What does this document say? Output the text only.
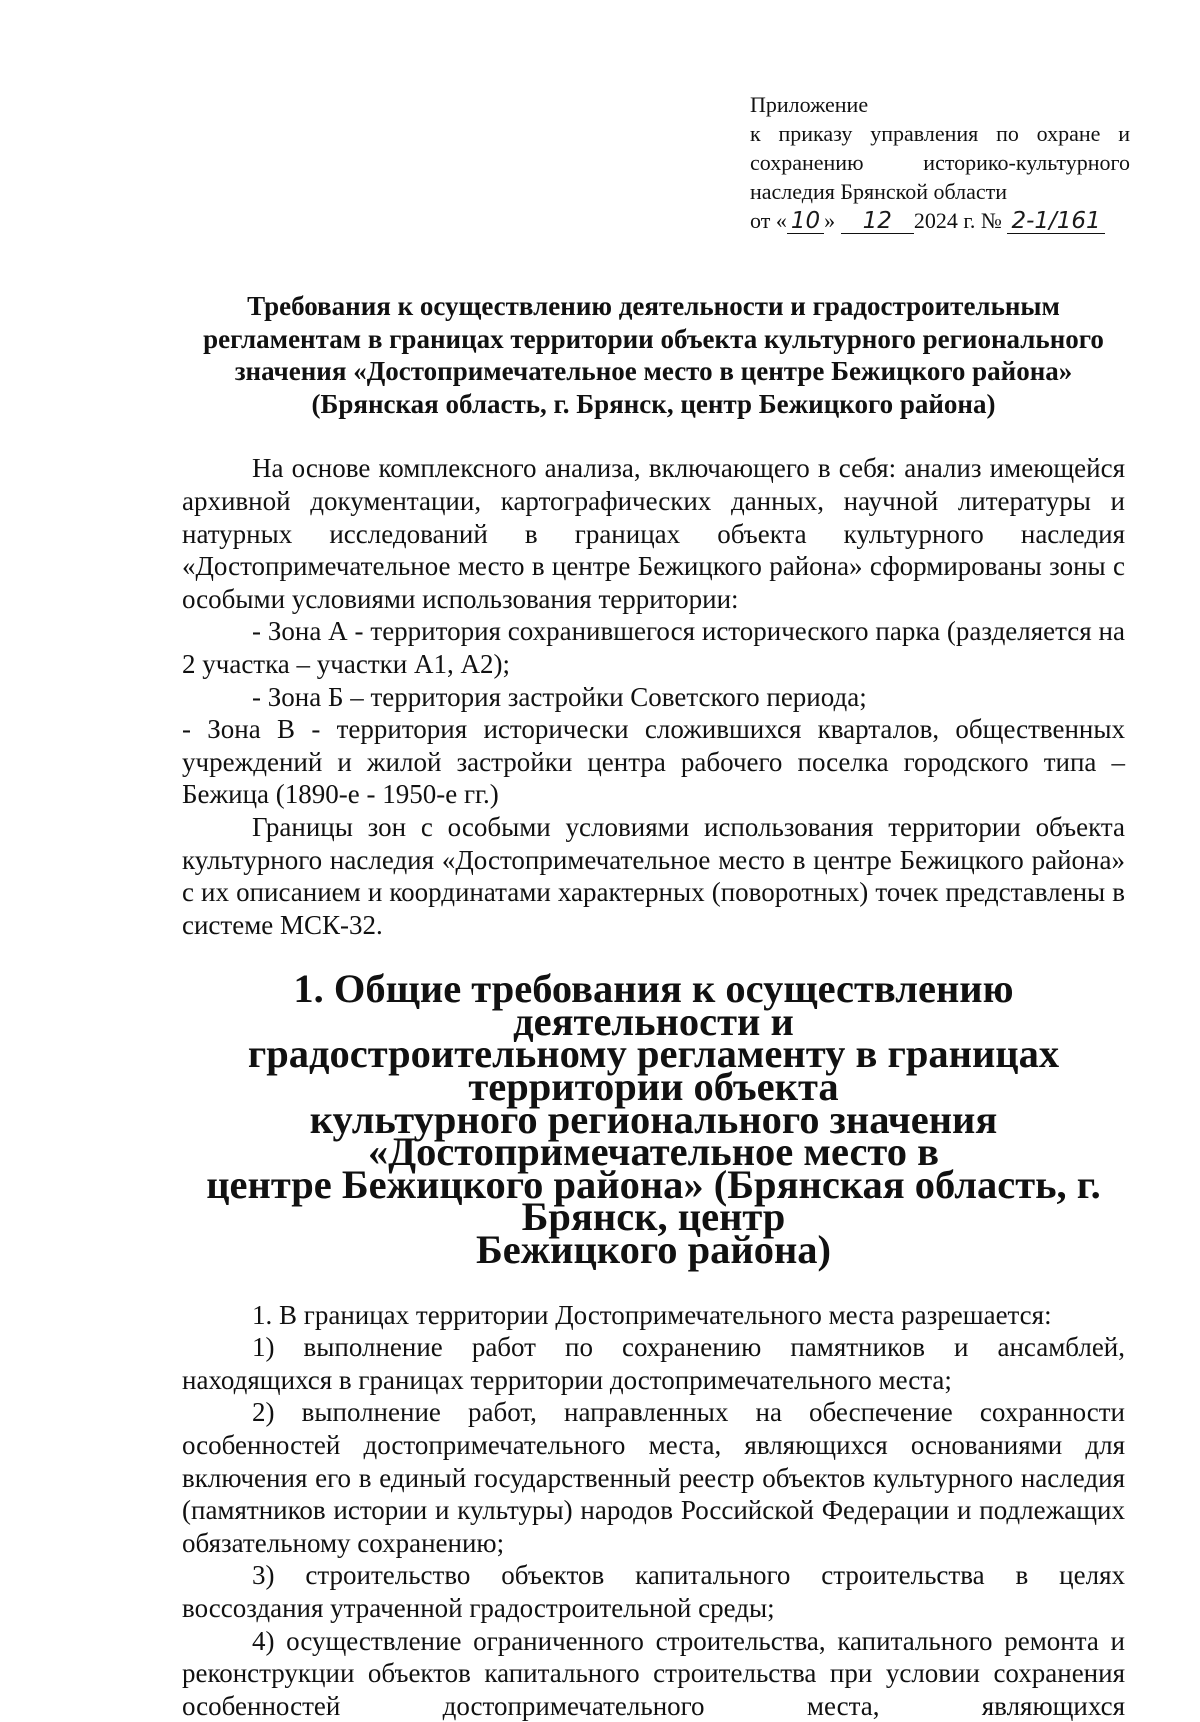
Приложение
к приказу управления по охране и
сохранению историко-культурного
наследия Брянской области
от « 10 » 12 2024 г. № 2-1/161
Требования к осуществлению деятельности и градостроительным
регламентам в границах территории объекта культурного регионального
значения «Достопримечательное место в центре Бежицкого района»
(Брянская область, г. Брянск, центр Бежицкого района)

На основе комплексного анализа, включающего в себя: анализ имеющейся архивной документации, картографических данных, научной литературы и натурных исследований в границах объекта культурного наследия «Достопримечательное место в центре Бежицкого района» сформированы зоны с особыми условиями использования территории:

- Зона А - территория сохранившегося исторического парка (разделяется на 2 участка – участки А1, А2);

- Зона Б – территория застройки Советского периода;

- Зона В - территория исторически сложившихся кварталов, общественных учреждений и жилой застройки центра рабочего поселка городского типа – Бежица (1890-е - 1950-е гг.)

Границы зон с особыми условиями использования территории объекта культурного наследия «Достопримечательное место в центре Бежицкого района» с их описанием и координатами характерных (поворотных) точек представлены в системе МСК-32.

1. Общие требования к осуществлению деятельности и
градостроительному регламенту в границах территории объекта
культурного регионального значения «Достопримечательное место в
центре Бежицкого района» (Брянская область, г. Брянск, центр
Бежицкого района)

1. В границах территории Достопримечательного места разрешается:

1) выполнение работ по сохранению памятников и ансамблей, находящихся в границах территории достопримечательного места;

2) выполнение работ, направленных на обеспечение сохранности особенностей достопримечательного места, являющихся основаниями для включения его в единый государственный реестр объектов культурного наследия (памятников истории и культуры) народов Российской Федерации и подлежащих обязательному сохранению;

3) строительство объектов капитального строительства в целях воссоздания утраченной градостроительной среды;

4) осуществление ограниченного строительства, капитального ремонта и реконструкции объектов капитального строительства при условии сохранения особенностей достопримечательного места, являющихся
